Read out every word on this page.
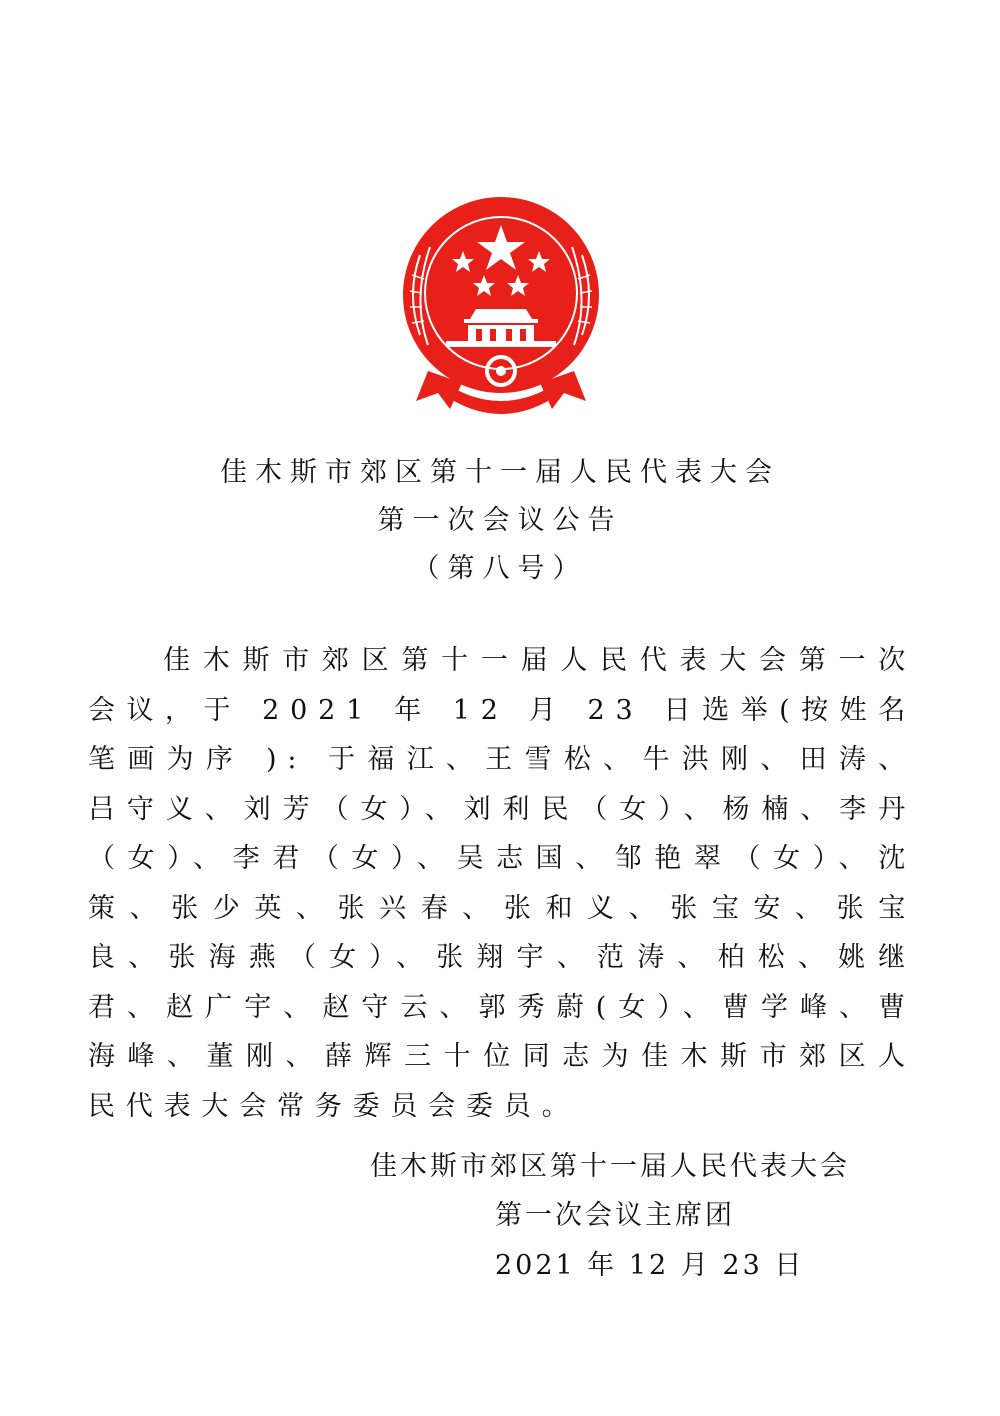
佳木斯市郊区第十一届人民代表大会
第一次会议公告
（第八号）
佳木斯市郊区第十一届人民代表大会第一次会议，于 2021 年 12 月 23 日选举(按姓名笔画为序 ): 于福江、王雪松、牛洪刚、田涛、吕守义、刘芳（女）、刘利民（女）、杨楠、李丹（女）、李君（女）、吴志国、邹艳翠（女）、沈策、张少英、张兴春、张和义、张宝安、张宝良、张海燕（女）、张翔宇、范涛、柏松、姚继君、赵广宇、赵守云、郭秀蔚(女）、曹学峰、曹海峰、董刚、薛辉三十位同志为佳木斯市郊区人民代表大会常务委员会委员。
佳木斯市郊区第十一届人民代表大会
第一次会议主席团
2021 年 12 月 23 日
